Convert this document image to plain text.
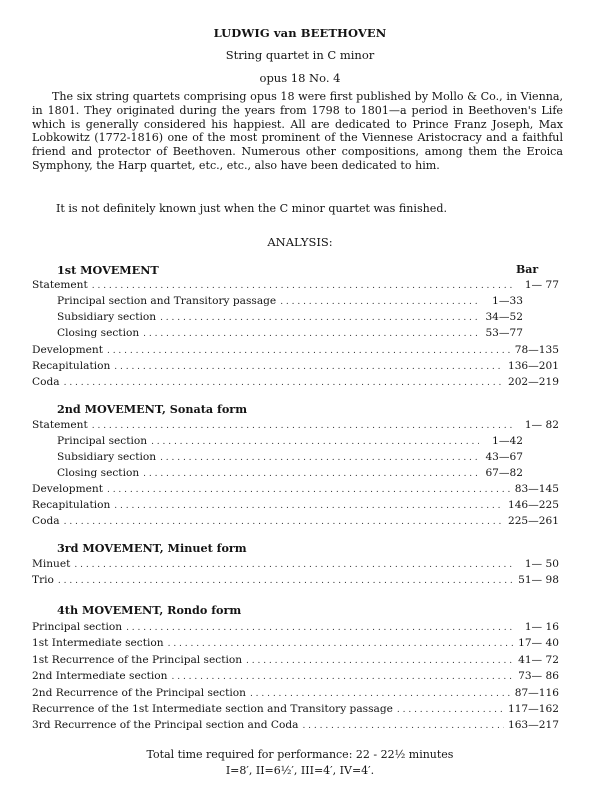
LUDWIG van BEETHOVEN
String quartet in C minor
opus 18 No. 4

The six string quartets comprising opus 18 were first published by Mollo & Co., in Vienna, in 1801. They originated during the years from 1798 to 1801—a period in Beethoven's Life which is generally considered his happiest. All are dedicated to Prince Franz Joseph, Max Lobkowitz (1772-1816) one of the most prominent of the Viennese Aristocracy and a faithful friend and protector of Beethoven. Numerous other compositions, among them the Eroica Symphony, the Harp quartet, etc., etc., also have been dedicated to him.

It is not definitely known just when the C minor quartet was finished.

ANALYSIS:
Bar
1st MOVEMENT
Statement . . .	1— 77
Principal section and Transitory passage . . .	1—33
Subsidiary section . . .	34—52
Closing section . . .	53—77
Development . . .	78—135
Recapitulation . . .	136—201
Coda . . .	202—219
2nd MOVEMENT, Sonata form
Statement . . .	1— 82
Principal section . . .	1—42
Subsidiary section . . .	43—67
Closing section . . .	67—82
Development . . .	83—145
Recapitulation . . .	146—225
Coda . . .	225—261
3rd MOVEMENT, Minuet form
Minuet . . .	1— 50
Trio . . .	51— 98
4th MOVEMENT, Rondo form
Principal section . . .	1— 16
1st Intermediate section . . .	17— 40
1st Recurrence of the Principal section . . .	41— 72
2nd Intermediate section . . .	73— 86
2nd Recurrence of the Principal section . . .	87—116
Recurrence of the 1st Intermediate section and Transitory passage . . .	117—162
3rd Recurrence of the Principal section and Coda . . .	163—217
Total time required for performance: 22 - 22½ minutes
I=8′, II=6½′, III=4′, IV=4′.
